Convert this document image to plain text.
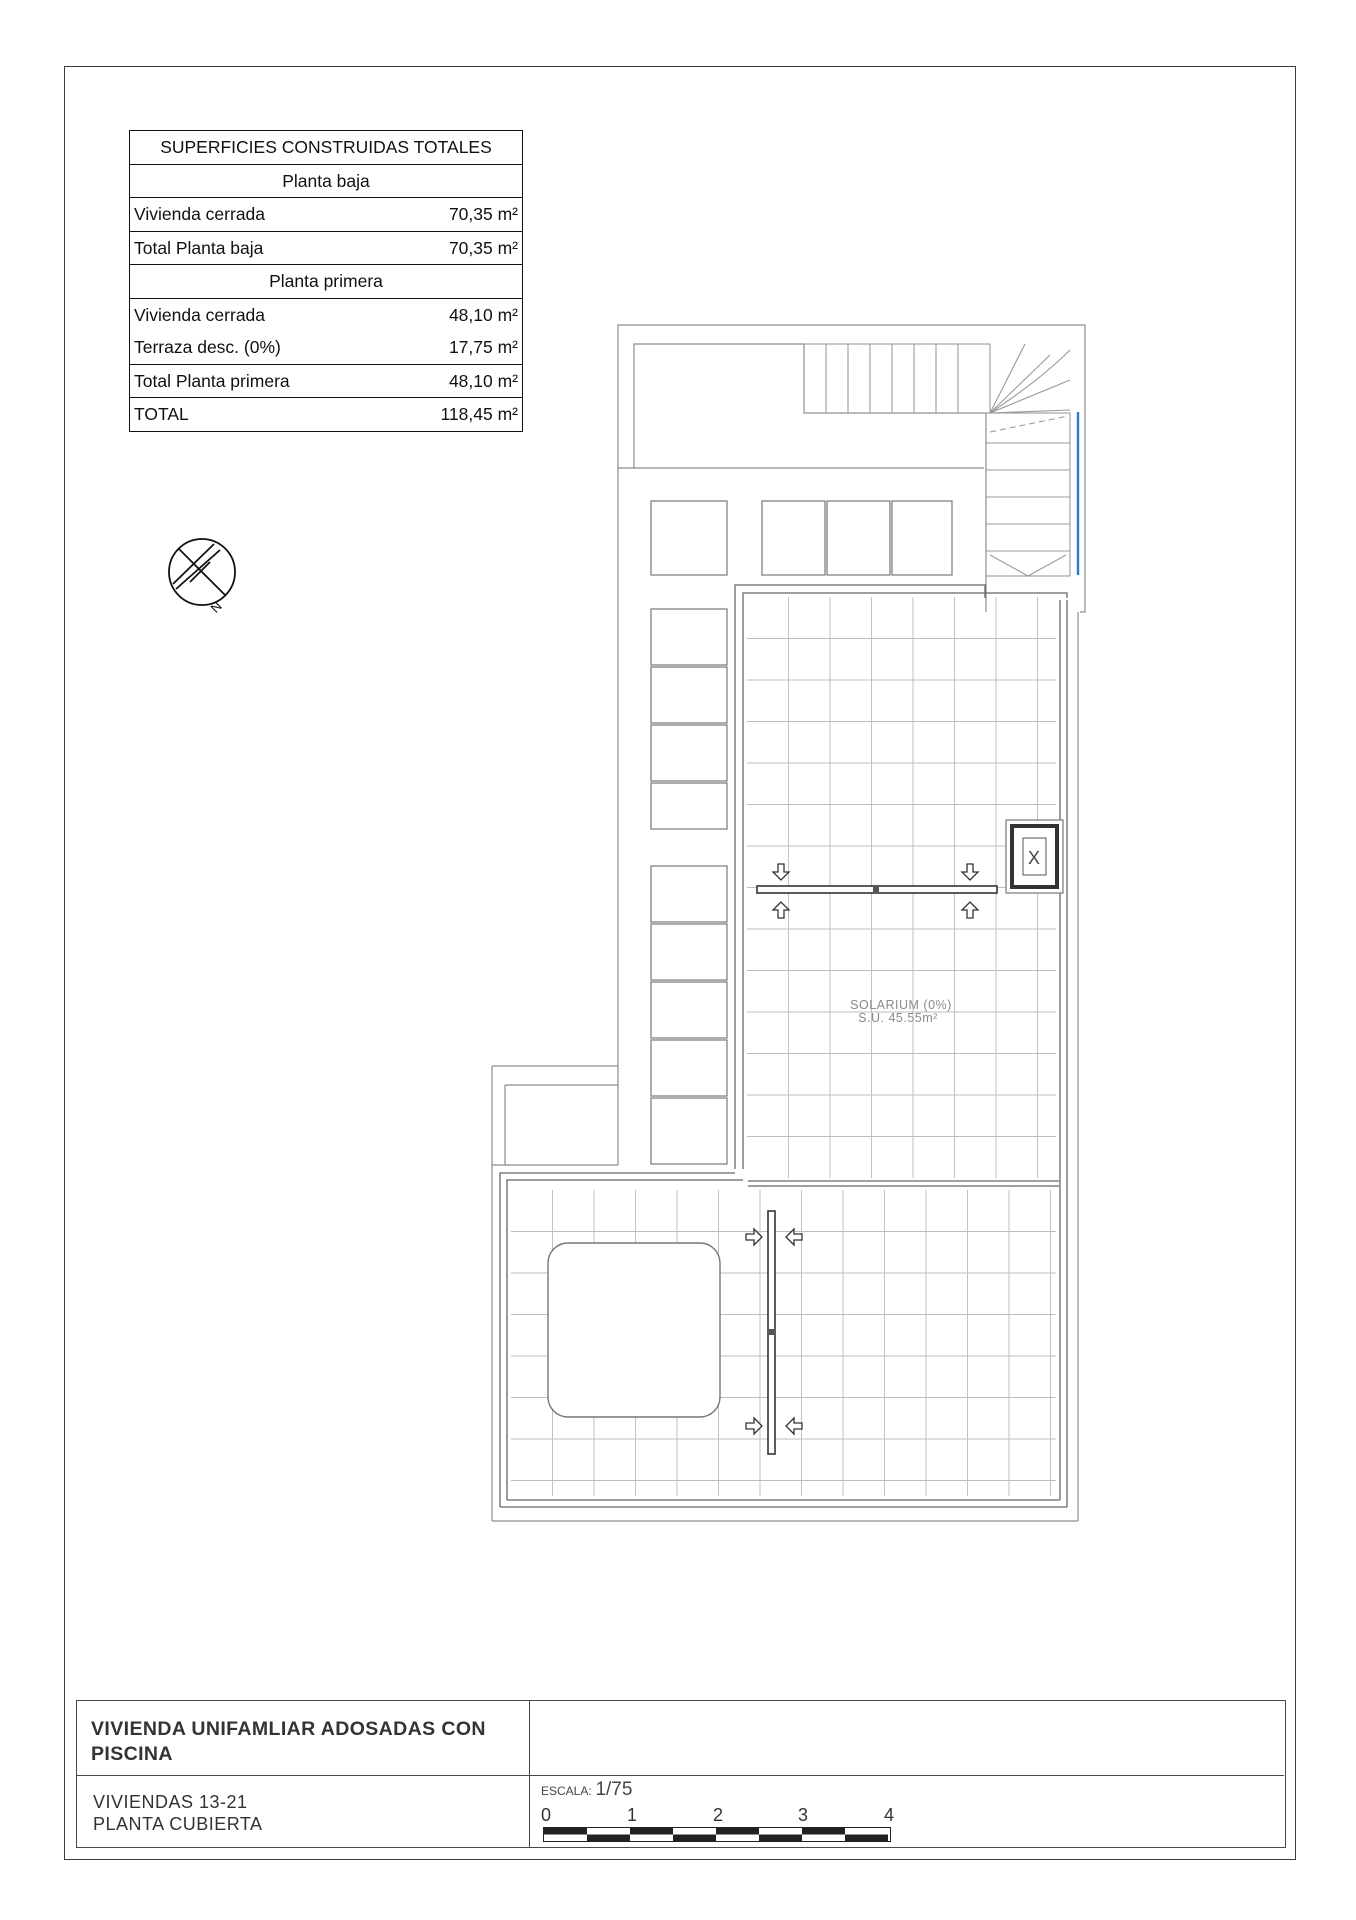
SUPERFICIES CONSTRUIDAS TOTALES	
Planta baja	
Vivienda cerrada	70,35 m²
Total Planta baja	70,35 m²
Planta primera	
Vivienda cerrada	48,10 m²
Terraza desc. (0%)	17,75 m²
Total Planta primera	48,10 m²
TOTAL	118,45 m²
N
X
SOLARIUM (0%)
S.U. 45.55m²
VIVIENDA UNIFAMLIAR ADOSADAS CON PISCINA
VIVIENDAS 13-21
PLANTA CUBIERTA
ESCALA: 1/75
0	1	2	3	4
